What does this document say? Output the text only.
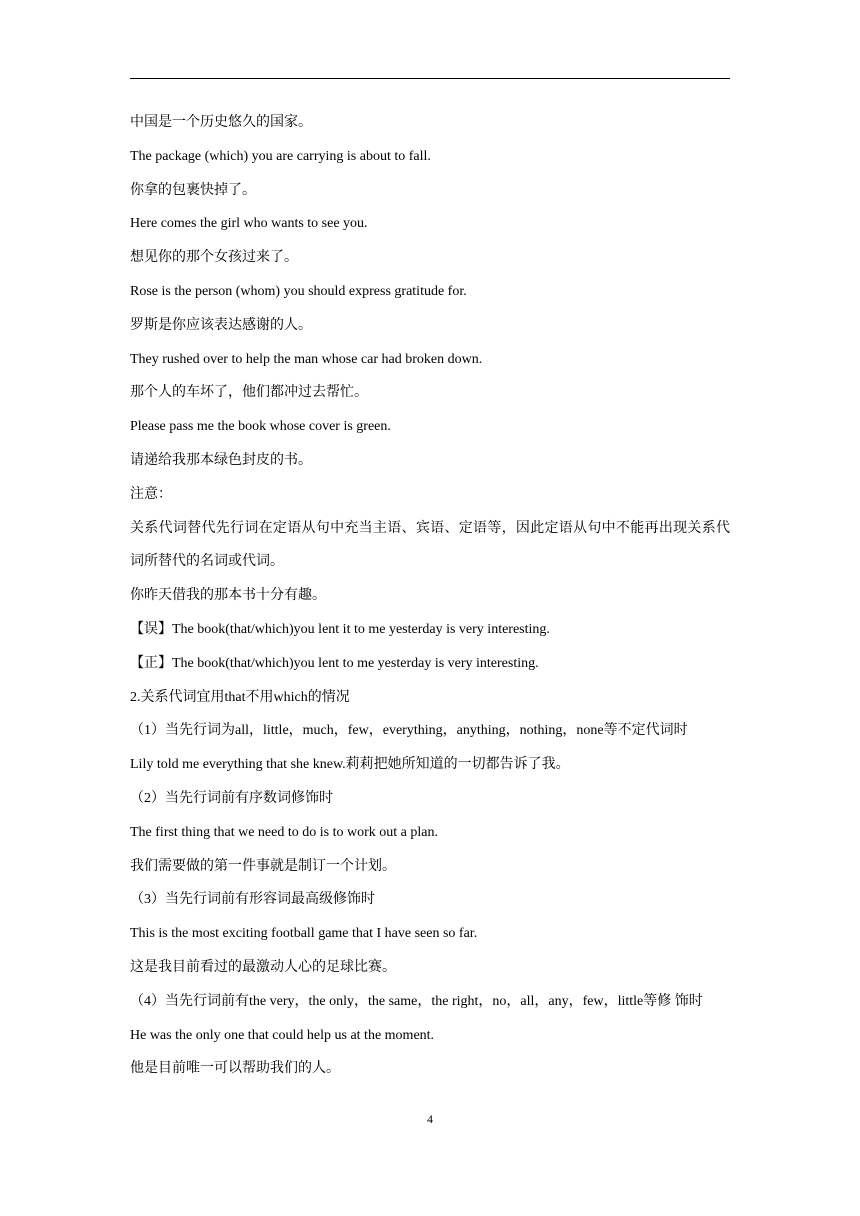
中国是一个历史悠久的国家。

The package (which) you are carrying is about to fall.

你拿的包裹快掉了。

Here comes the girl who wants to see you.

想见你的那个女孩过来了。

Rose is the person (whom) you should express gratitude for.

罗斯是你应该表达感谢的人。

They rushed over to help the man whose car had broken down.

那个人的车坏了，他们都冲过去帮忙。

Please pass me the book whose cover is green.

请递给我那本绿色封皮的书。

注意：

关系代词替代先行词在定语从句中充当主语、宾语、定语等，因此定语从句中不能再出现关系代词所替代的名词或代词。

你昨天借我的那本书十分有趣。

【误】The book(that/which)you lent it to me yesterday is very interesting.

【正】The book(that/which)you lent to me yesterday is very interesting.

2.关系代词宜用that不用which的情况

（1）当先行词为all，little，much，few，everything，anything，nothing，none等不定代词时

Lily told me everything that she knew.莉莉把她所知道的一切都告诉了我。

（2）当先行词前有序数词修饰时

The first thing that we need to do is to work out a plan.

我们需要做的第一件事就是制订一个计划。

（3）当先行词前有形容词最高级修饰时

This is the most exciting football game that I have seen so far.

这是我目前看过的最激动人心的足球比赛。

（4）当先行词前有the very，the only，the same，the right，no，all，any，few，little等修 饰时

He was the only one that could help us at the moment.

他是目前唯一可以帮助我们的人。

4
